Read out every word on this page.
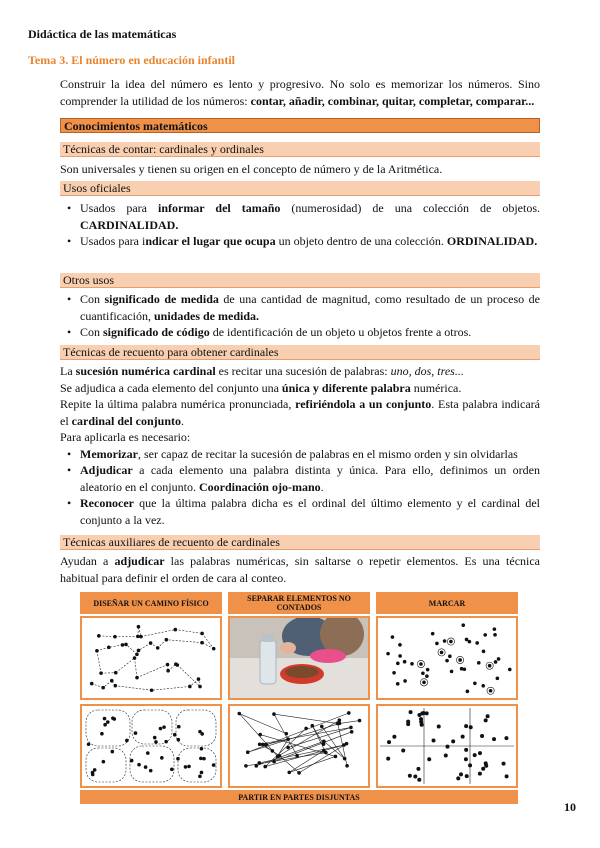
Didáctica de las matemáticas
Tema 3. El número en educación infantil
Construir la idea del número es lento y progresivo. No solo es memorizar los números. Sino comprender la utilidad de los números: contar, añadir, combinar, quitar, completar, comparar...
Conocimientos matemáticos
Técnicas de contar: cardinales y ordinales
Son universales y tienen su origen en el concepto de número y de la Aritmética.
Usos oficiales
• Usados para informar del tamaño (numerosidad) de una colección de objetos. CARDINALIDAD.
• Usados para indicar el lugar que ocupa un objeto dentro de una colección. ORDINALIDAD.
Otros usos
• Con significado de medida de una cantidad de magnitud, como resultado de un proceso de cuantificación, unidades de medida.
• Con significado de código de identificación de un objeto u objetos frente a otros.
Técnicas de recuento para obtener cardinales
La sucesión numérica cardinal es recitar una sucesión de palabras: uno, dos, tres...
Se adjudica a cada elemento del conjunto una única y diferente palabra numérica.
Repite la última palabra numérica pronunciada, refiriéndola a un conjunto. Esta palabra indicará el cardinal del conjunto.
Para aplicarla es necesario:
• Memorizar, ser capaz de recitar la sucesión de palabras en el mismo orden y sin olvidarlas
• Adjudicar a cada elemento una palabra distinta y única. Para ello, definimos un orden aleatorio en el conjunto. Coordinación ojo-mano.
• Reconocer que la última palabra dicha es el ordinal del último elemento y el cardinal del conjunto a la vez.
Técnicas auxiliares de recuento de cardinales
Ayudan a adjudicar las palabras numéricas, sin saltarse o repetir elementos. Es una técnica habitual para definir el orden de cara al conteo.
DISEÑAR UN CAMINO FÍSICO	SEPARAR ELEMENTOS NO CONTADOS	MARCAR
PARTIR EN PARTES DISJUNTAS
10
